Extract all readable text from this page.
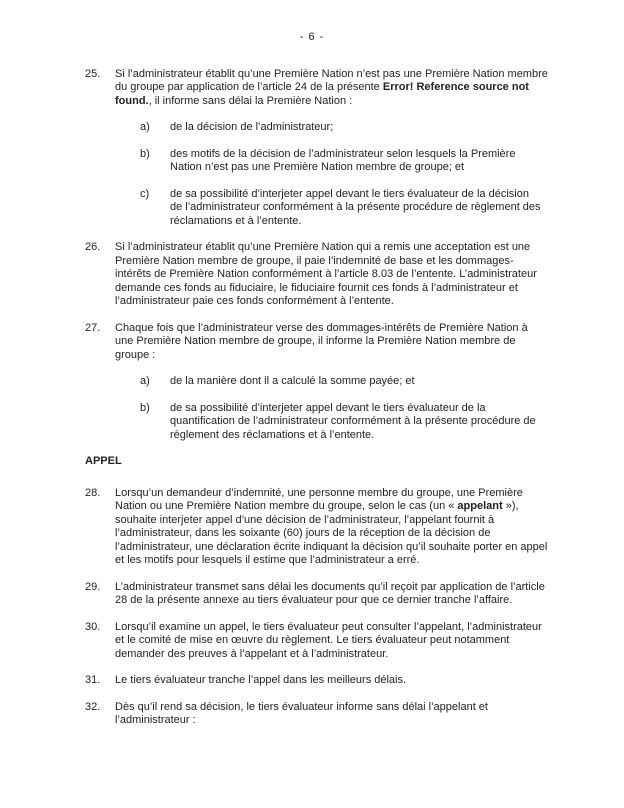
- 6 -
25.	Si l’administrateur établit qu’une Première Nation n’est pas une Première Nation membre du groupe par application de l’article 24 de la présente Error! Reference source not found., il informe sans délai la Première Nation :
a)	de la décision de l’administrateur;
b)	des motifs de la décision de l’administrateur selon lesquels la Première Nation n’est pas une Première Nation membre de groupe; et
c)	de sa possibilité d’interjeter appel devant le tiers évaluateur de la décision de l’administrateur conformément à la présente procédure de règlement des réclamations et à l’entente.
26.	Si l’administrateur établit qu’une Première Nation qui a remis une acceptation est une Première Nation membre de groupe, il paie l’indemnité de base et les dommages-intérêts de Première Nation conformément à l’article 8.03 de l’entente. L’administrateur demande ces fonds au fiduciaire, le fiduciaire fournit ces fonds à l’administrateur et l’administrateur paie ces fonds conformément à l’entente.
27.	Chaque fois que l’administrateur verse des dommages-intérêts de Première Nation à une Première Nation membre de groupe, il informe la Première Nation membre de groupe :
a)	de la manière dont il a calculé la somme payée; et
b)	de sa possibilité d’interjeter appel devant le tiers évaluateur de la quantification de l’administrateur conformément à la présente procédure de règlement des réclamations et à l’entente.
APPEL
28.	Lorsqu’un demandeur d’indemnité, une personne membre du groupe, une Première Nation ou une Première Nation membre du groupe, selon le cas (un « appelant »), souhaite interjeter appel d’une décision de l’administrateur, l’appelant fournit à l’administrateur, dans les soixante (60) jours de la réception de la décision de l’administrateur, une déclaration écrite indiquant la décision qu’il souhaite porter en appel et les motifs pour lesquels il estime que l’administrateur a erré.
29.	L’administrateur transmet sans délai les documents qu’il reçoit par application de l’article 28 de la présente annexe au tiers évaluateur pour que ce dernier tranche l’affaire.
30.	Lorsqu’il examine un appel, le tiers évaluateur peut consulter l’appelant, l’administrateur et le comité de mise en œuvre du règlement. Le tiers évaluateur peut notamment demander des preuves à l’appelant et à l’administrateur.
31.	Le tiers évaluateur tranche l’appel dans les meilleurs délais.
32.	Dès qu’il rend sa décision, le tiers évaluateur informe sans délai l’appelant et l’administrateur :
